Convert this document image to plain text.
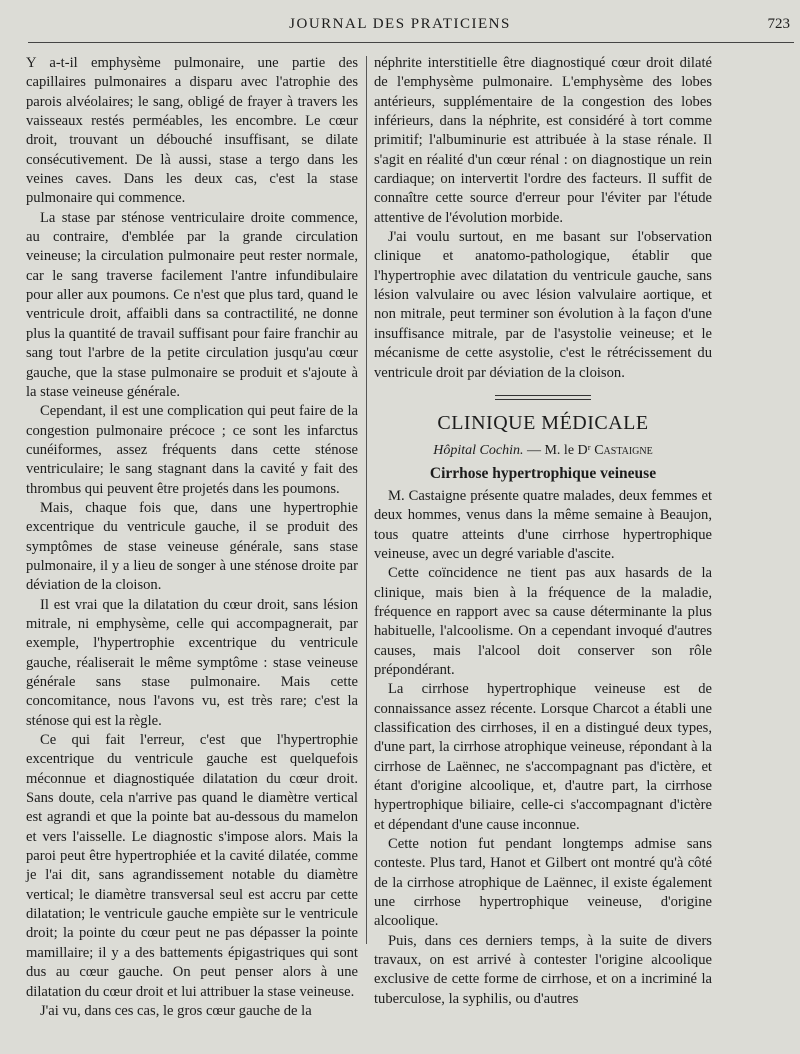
JOURNAL DES PRATICIENS	723

Y a-t-il emphysème pulmonaire, une partie des capillaires pulmonaires a disparu avec l'atrophie des parois alvéolaires; le sang, obligé de frayer à travers les vaisseaux restés perméables, les encombre. Le cœur droit, trouvant un débouché insuffisant, se dilate consécutivement. De là aussi, stase a tergo dans les veines caves. Dans les deux cas, c'est la stase pulmonaire qui commence.

La stase par sténose ventriculaire droite commence, au contraire, d'emblée par la grande circulation veineuse; la circulation pulmonaire peut rester normale, car le sang traverse facilement l'antre infundibulaire pour aller aux poumons. Ce n'est que plus tard, quand le ventricule droit, affaibli dans sa contractilité, ne donne plus la quantité de travail suffisant pour faire franchir au sang tout l'arbre de la petite circulation jusqu'au cœur gauche, que la stase pulmonaire se produit et s'ajoute à la stase veineuse générale.

Cependant, il est une complication qui peut faire de la congestion pulmonaire précoce ; ce sont les infarctus cunéiformes, assez fréquents dans cette sténose ventriculaire; le sang stagnant dans la cavité y fait des thrombus qui peuvent être projetés dans les poumons.

Mais, chaque fois que, dans une hypertrophie excentrique du ventricule gauche, il se produit des symptômes de stase veineuse générale, sans stase pulmonaire, il y a lieu de songer à une sténose droite par déviation de la cloison.

Il est vrai que la dilatation du cœur droit, sans lésion mitrale, ni emphysème, celle qui accompagnerait, par exemple, l'hypertrophie excentrique du ventricule gauche, réaliserait le même symptôme : stase veineuse générale sans stase pulmonaire. Mais cette concomitance, nous l'avons vu, est très rare; c'est la sténose qui est la règle.

Ce qui fait l'erreur, c'est que l'hypertrophie excentrique du ventricule gauche est quelquefois méconnue et diagnostiquée dilatation du cœur droit. Sans doute, cela n'arrive pas quand le diamètre vertical est agrandi et que la pointe bat au-dessous du mamelon et vers l'aisselle. Le diagnostic s'impose alors. Mais la paroi peut être hypertrophiée et la cavité dilatée, comme je l'ai dit, sans agrandissement notable du diamètre vertical; le diamètre transversal seul est accru par cette dilatation; le ventricule gauche empiète sur le ventricule droit; la pointe du cœur peut ne pas dépasser la pointe mamillaire; il y a des battements épigastriques qui sont dus au cœur gauche. On peut penser alors à une dilatation du cœur droit et lui attribuer la stase veineuse.

J'ai vu, dans ces cas, le gros cœur gauche de la

néphrite interstitielle être diagnostiqué cœur droit dilaté de l'emphysème pulmonaire. L'emphysème des lobes antérieurs, supplémentaire de la congestion des lobes inférieurs, dans la néphrite, est considéré à tort comme primitif; l'albuminurie est attribuée à la stase rénale. Il s'agit en réalité d'un cœur rénal : on diagnostique un rein cardiaque; on intervertit l'ordre des facteurs. Il suffit de connaître cette source d'erreur pour l'éviter par l'étude attentive de l'évolution morbide.

J'ai voulu surtout, en me basant sur l'observation clinique et anatomo-pathologique, établir que l'hypertrophie avec dilatation du ventricule gauche, sans lésion valvulaire ou avec lésion valvulaire aortique, et non mitrale, peut terminer son évolution à la façon d'une insuffisance mitrale, par de l'asystolie veineuse; et le mécanisme de cette asystolie, c'est le rétrécissement du ventricule droit par déviation de la cloison.

CLINIQUE MÉDICALE
Hôpital Cochin. — M. le Dʳ Castaigne
Cirrhose hypertrophique veineuse

M. Castaigne présente quatre malades, deux femmes et deux hommes, venus dans la même semaine à Beaujon, tous quatre atteints d'une cirrhose hypertrophique veineuse, avec un degré variable d'ascite.

Cette coïncidence ne tient pas aux hasards de la clinique, mais bien à la fréquence de la maladie, fréquence en rapport avec sa cause déterminante la plus habituelle, l'alcoolisme. On a cependant invoqué d'autres causes, mais l'alcool doit conserver son rôle prépondérant.

La cirrhose hypertrophique veineuse est de connaissance assez récente. Lorsque Charcot a établi une classification des cirrhoses, il en a distingué deux types, d'une part, la cirrhose atrophique veineuse, répondant à la cirrhose de Laënnec, ne s'accompagnant pas d'ictère, et étant d'origine alcoolique, et, d'autre part, la cirrhose hypertrophique biliaire, celle-ci s'accompagnant d'ictère et dépendant d'une cause inconnue.

Cette notion fut pendant longtemps admise sans conteste. Plus tard, Hanot et Gilbert ont montré qu'à côté de la cirrhose atrophique de Laënnec, il existe également une cirrhose hypertrophique veineuse, d'origine alcoolique.

Puis, dans ces derniers temps, à la suite de divers travaux, on est arrivé à contester l'origine alcoolique exclusive de cette forme de cirrhose, et on a incriminé la tuberculose, la syphilis, ou d'autres
